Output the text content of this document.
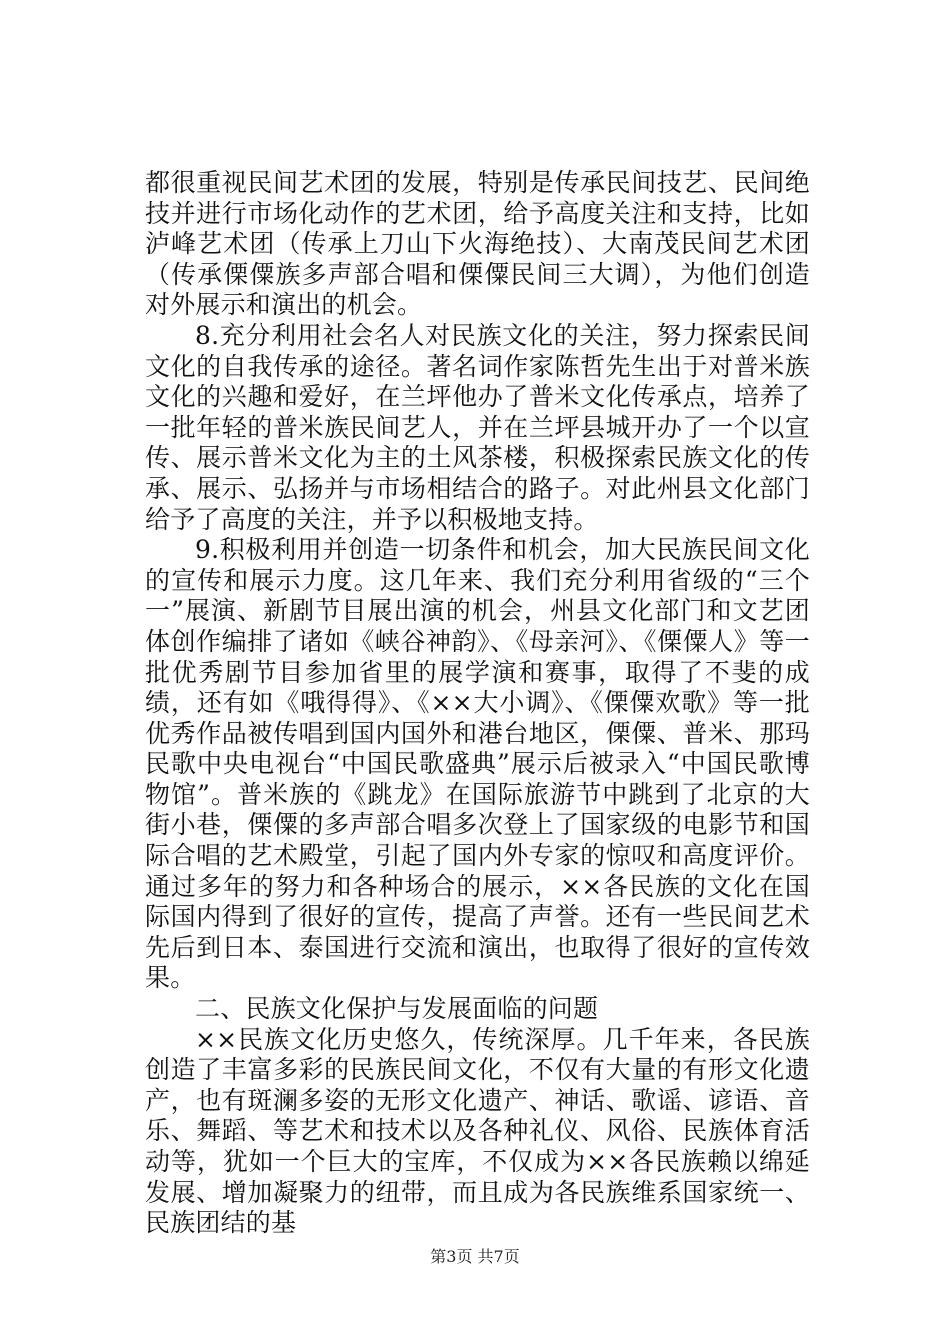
都很重视民间艺术团的发展，特别是传承民间技艺、民间绝技并进行市场化动作的艺术团，给予高度关注和支持，比如泸峰艺术团（传承上刀山下火海绝技）、大南茂民间艺术团（传承傈僳族多声部合唱和傈僳民间三大调），为他们创造对外展示和演出的机会。

8.充分利用社会名人对民族文化的关注，努力探索民间文化的自我传承的途径。著名词作家陈哲先生出于对普米族文化的兴趣和爱好，在兰坪他办了普米文化传承点，培养了一批年轻的普米族民间艺人，并在兰坪县城开办了一个以宣传、展示普米文化为主的土风茶楼，积极探索民族文化的传承、展示、弘扬并与市场相结合的路子。对此州县文化部门给予了高度的关注，并予以积极地支持。

9.积极利用并创造一切条件和机会，加大民族民间文化的宣传和展示力度。这几年来、我们充分利用省级的“三个一”展演、新剧节目展出演的机会，州县文化部门和文艺团体创作编排了诸如《峡谷神韵》、《母亲河》、《傈僳人》等一批优秀剧节目参加省里的展学演和赛事，取得了不斐的成绩，还有如《哦得得》、《××大小调》、《傈僳欢歌》等一批优秀作品被传唱到国内国外和港台地区，傈僳、普米、那玛民歌中央电视台“中国民歌盛典”展示后被录入“中国民歌博物馆”。普米族的《跳龙》在国际旅游节中跳到了北京的大街小巷，傈僳的多声部合唱多次登上了国家级的电影节和国际合唱的艺术殿堂，引起了国内外专家的惊叹和高度评价。通过多年的努力和各种场合的展示，××各民族的文化在国际国内得到了很好的宣传，提高了声誉。还有一些民间艺术先后到日本、泰国进行交流和演出，也取得了很好的宣传效果。

二、民族文化保护与发展面临的问题

××民族文化历史悠久，传统深厚。几千年来，各民族创造了丰富多彩的民族民间文化，不仅有大量的有形文化遗产，也有斑澜多姿的无形文化遗产、神话、歌谣、谚语、音乐、舞蹈、等艺术和技术以及各种礼仪、风俗、民族体育活动等，犹如一个巨大的宝库，不仅成为××各民族赖以绵延发展、增加凝聚力的纽带，而且成为各民族维系国家统一、民族团结的基

第3页 共7页
